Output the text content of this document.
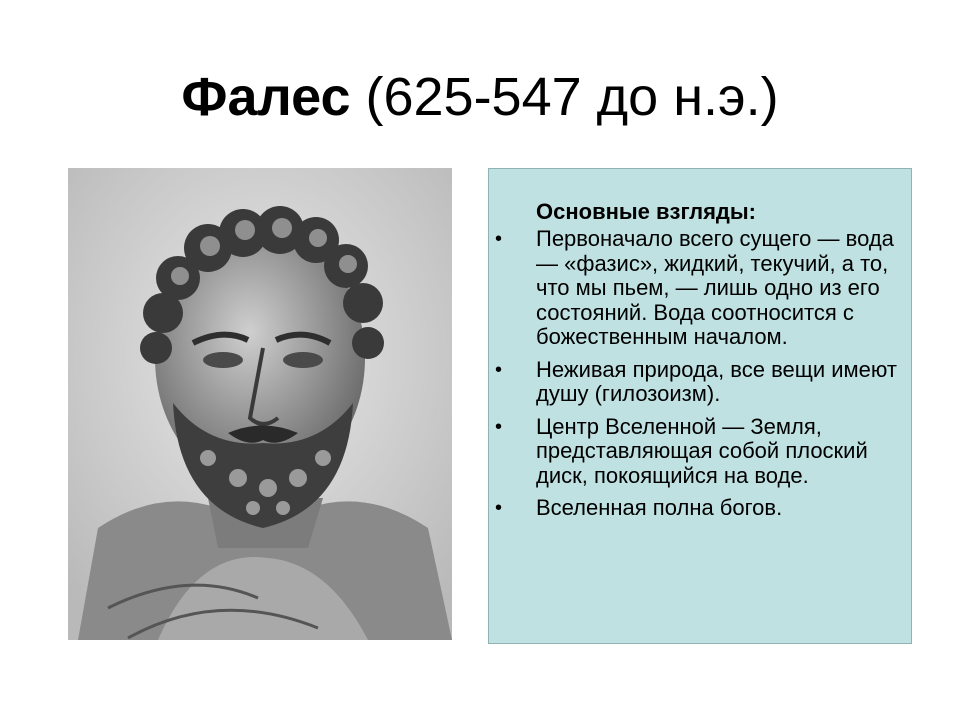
Фалес (625-547 до н.э.)
Основные взгляды:
• Первоначало всего сущего — вода — «фазис», жидкий, текучий, а то, что мы пьем, — лишь одно из его состояний. Вода соотносится с божественным началом.
• Неживая природа, все вещи имеют душу (гилозоизм).
• Центр Вселенной — Земля, представляющая собой плоский диск, покоящийся на воде.
• Вселенная полна богов.
